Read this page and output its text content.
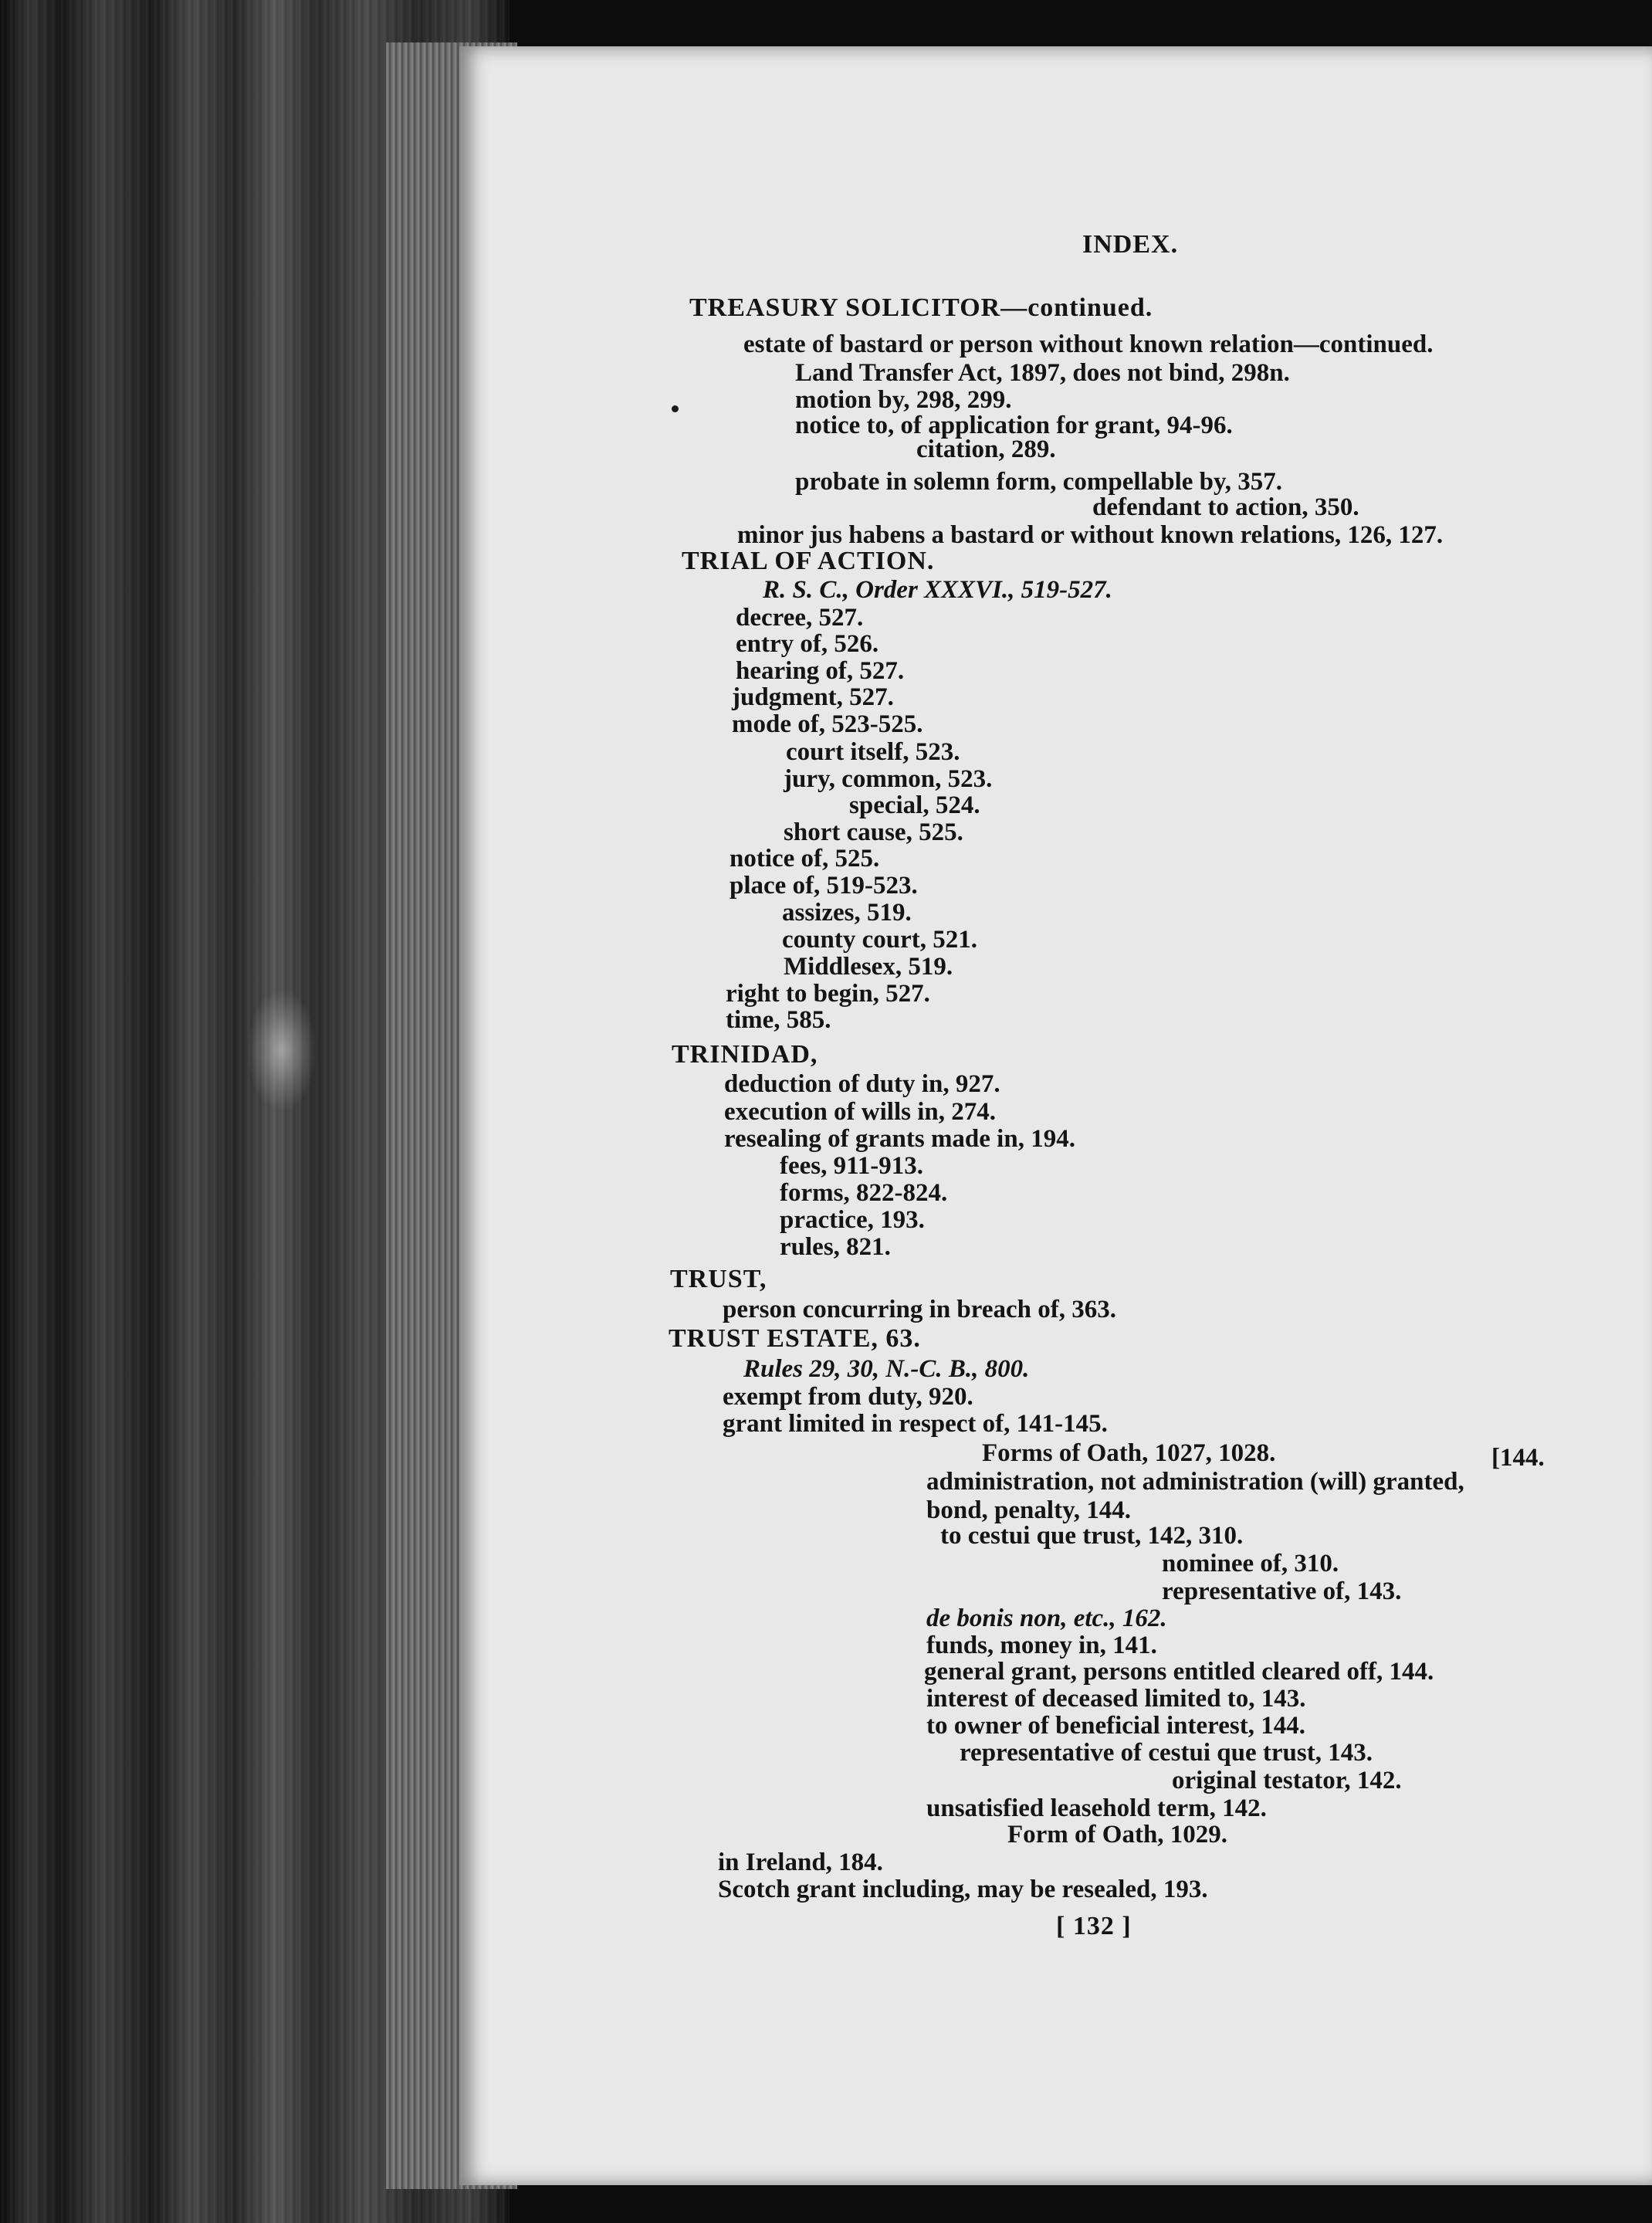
INDEX.
TREASURY SOLICITOR—continued.
estate of bastard or person without known relation—continued.
Land Transfer Act, 1897, does not bind, 298n.
motion by, 298, 299.
notice to, of application for grant, 94-96.
citation, 289.
probate in solemn form, compellable by, 357.
defendant to action, 350.
minor jus habens a bastard or without known relations, 126, 127.
TRIAL OF ACTION.
R. S. C., Order XXXVI., 519-527.
decree, 527.
entry of, 526.
hearing of, 527.
judgment, 527.
mode of, 523-525.
court itself, 523.
jury, common, 523.
special, 524.
short cause, 525.
notice of, 525.
place of, 519-523.
assizes, 519.
county court, 521.
Middlesex, 519.
right to begin, 527.
time, 585.
TRINIDAD,
deduction of duty in, 927.
execution of wills in, 274.
resealing of grants made in, 194.
fees, 911-913.
forms, 822-824.
practice, 193.
rules, 821.
TRUST,
person concurring in breach of, 363.
TRUST ESTATE, 63.
Rules 29, 30, N.-C. B., 800.
exempt from duty, 920.
grant limited in respect of, 141-145.
Forms of Oath, 1027, 1028.	[144.
administration, not administration (will) granted,
bond, penalty, 144.
to cestui que trust, 142, 310.
nominee of, 310.
representative of, 143.
de bonis non, etc., 162.
funds, money in, 141.
general grant, persons entitled cleared off, 144.
interest of deceased limited to, 143.
to owner of beneficial interest, 144.
representative of cestui que trust, 143.
original testator, 142.
unsatisfied leasehold term, 142.
Form of Oath, 1029.
in Ireland, 184.
Scotch grant including, may be resealed, 193.
[ 132 ]
